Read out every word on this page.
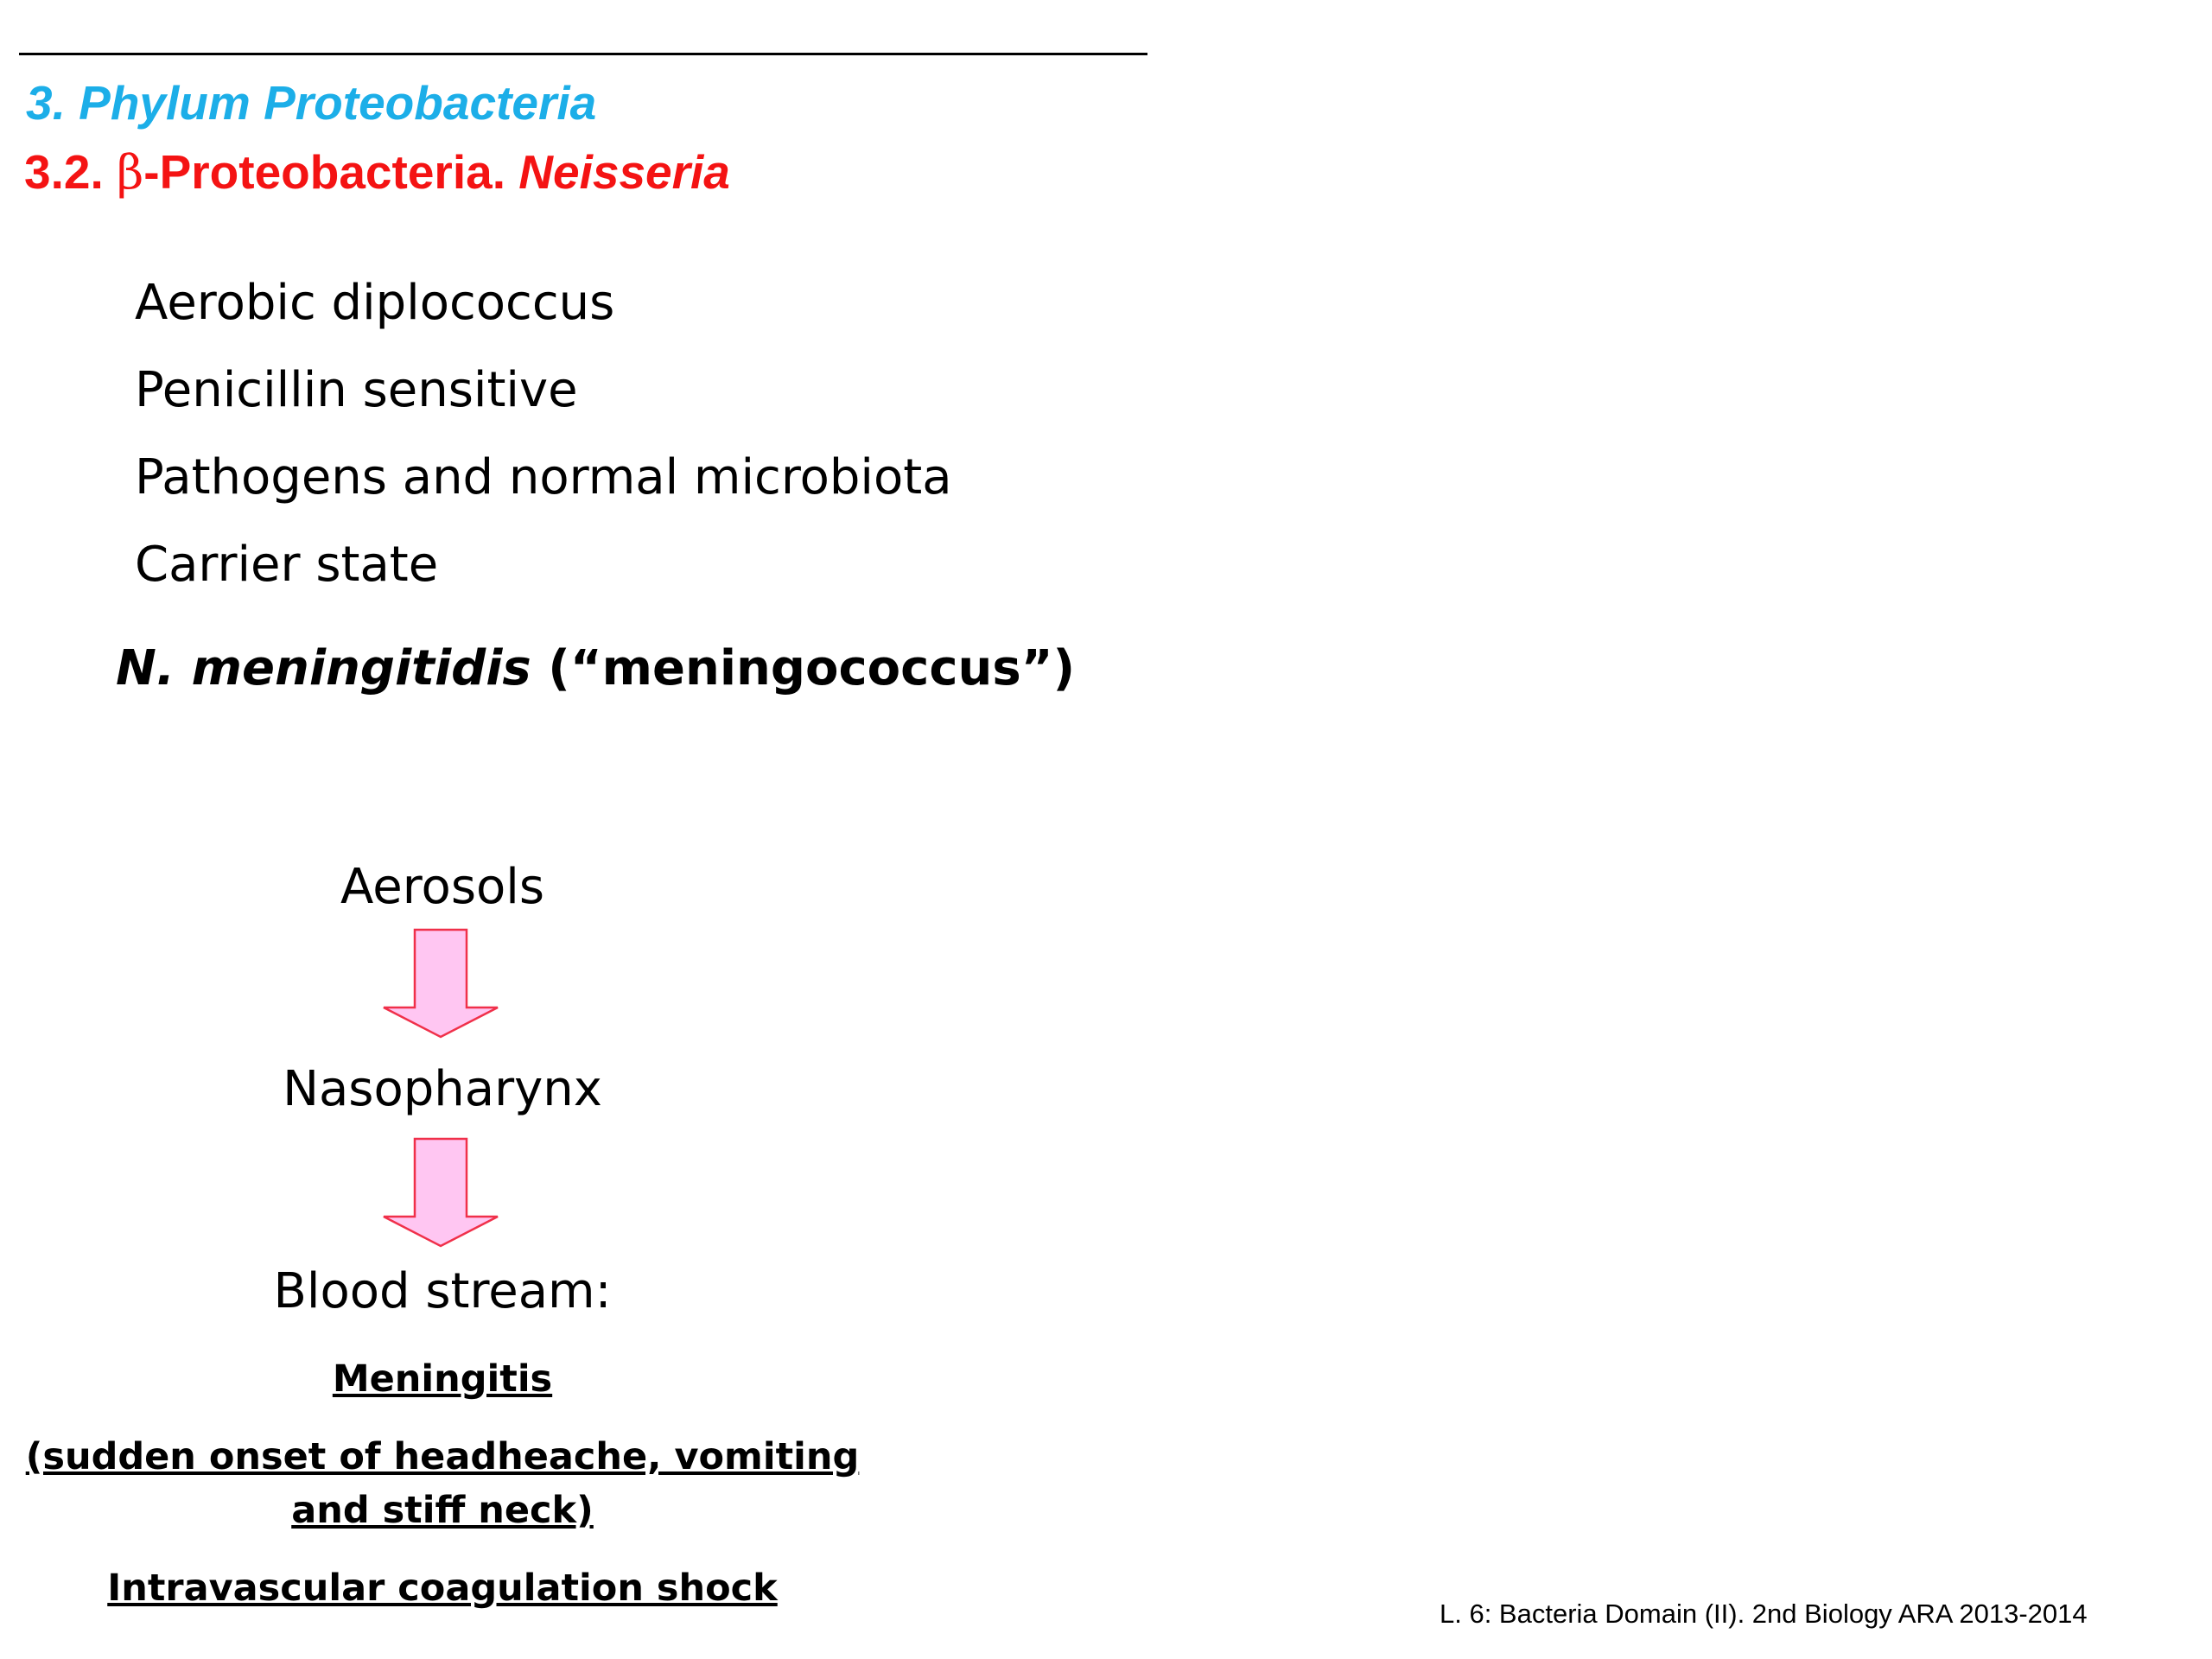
3. Phylum Proteobacteria
3.2. β-Proteobacteria. Neisseria
Aerobic diplococcus
Penicillin sensitive
Pathogens and normal microbiota
Carrier state
N. meningitidis (“meningococcus”)
Aerosols
Nasopharynx
Blood stream:
Meningitis
(sudden onset of headheache, vomiting
and stiff neck)
Intravascular coagulation shock
L. 6: Bacteria Domain (II). 2nd Biology ARA 2013-2014
